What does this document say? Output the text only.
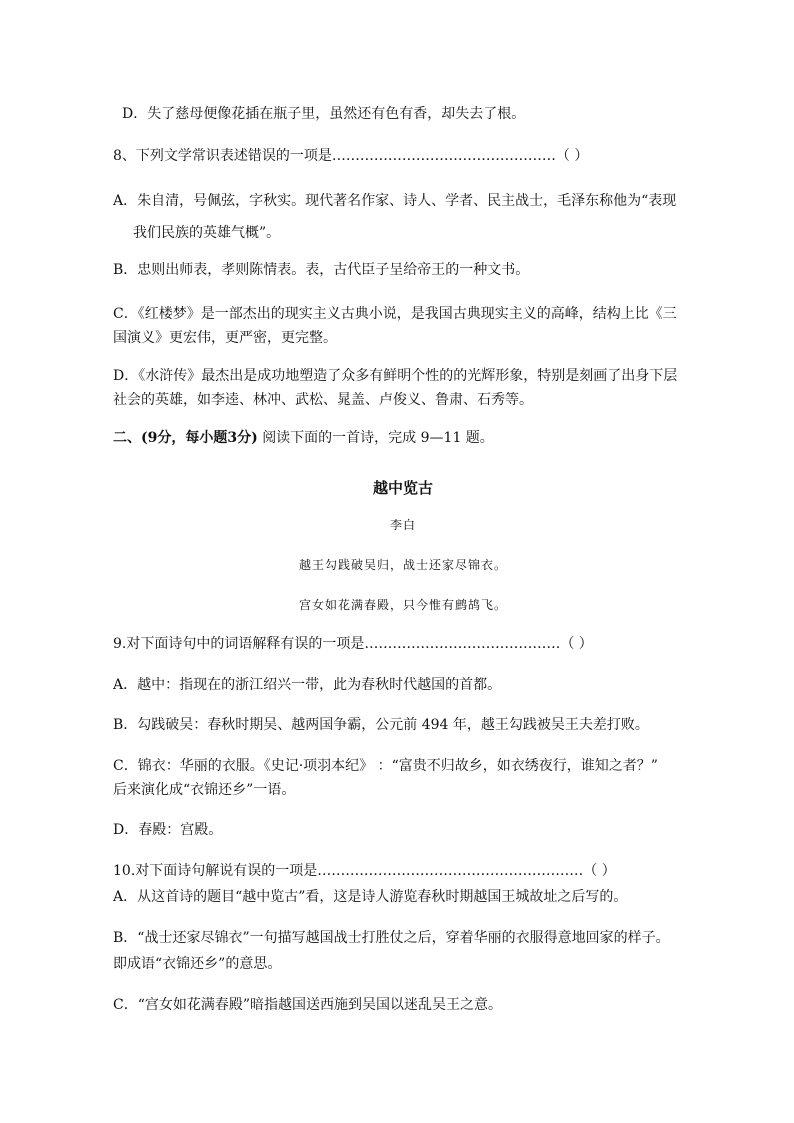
D．失了慈母便像花插在瓶子里，虽然还有色有香，却失去了根。
8、下列文学常识表述错误的一项是…………………………………………（ ）
A．朱自清，号佩弦，字秋实。现代著名作家、诗人、学者、民主战士，毛泽东称他为“表现
我们民族的英雄气概”。
B．忠则出师表，孝则陈情表。表，古代臣子呈给帝王的一种文书。
C．《红楼梦》是一部杰出的现实主义古典小说，是我国古典现实主义的高峰，结构上比《三
国演义》更宏伟，更严密，更完整。
D．《水浒传》最杰出是成功地塑造了众多有鲜明个性的的光辉形象，特别是刻画了出身下层
社会的英雄，如李逵、林冲、武松、晁盖、卢俊义、鲁肃、石秀等。
二、(9分，每小题3分) 阅读下面的一首诗，完成 9—11 题。
越中览古
李白
越王勾践破吴归，战士还家尽锦衣。
宫女如花满春殿，只今惟有鹧鸪飞。
9.对下面诗句中的词语解释有误的一项是……………………………………（ ）
A．越中：指现在的浙江绍兴一带，此为春秋时代越国的首都。
B．勾践破吴：春秋时期吴、越两国争霸，公元前 494 年，越王勾践被吴王夫差打败。
C．锦衣：华丽的衣服。《史记·项羽本纪》 ：“富贵不归故乡，如衣绣夜行，谁知之者？”
后来演化成“衣锦还乡”一语。
D．春殿：宫殿。
10.对下面诗句解说有误的一项是…………………………………………………（ ）
A．从这首诗的题目“越中览古”看，这是诗人游览春秋时期越国王城故址之后写的。
B．“战士还家尽锦衣”一句描写越国战士打胜仗之后，穿着华丽的衣服得意地回家的样子。
即成语“衣锦还乡”的意思。
C．“宫女如花满春殿”暗指越国送西施到吴国以迷乱吴王之意。
